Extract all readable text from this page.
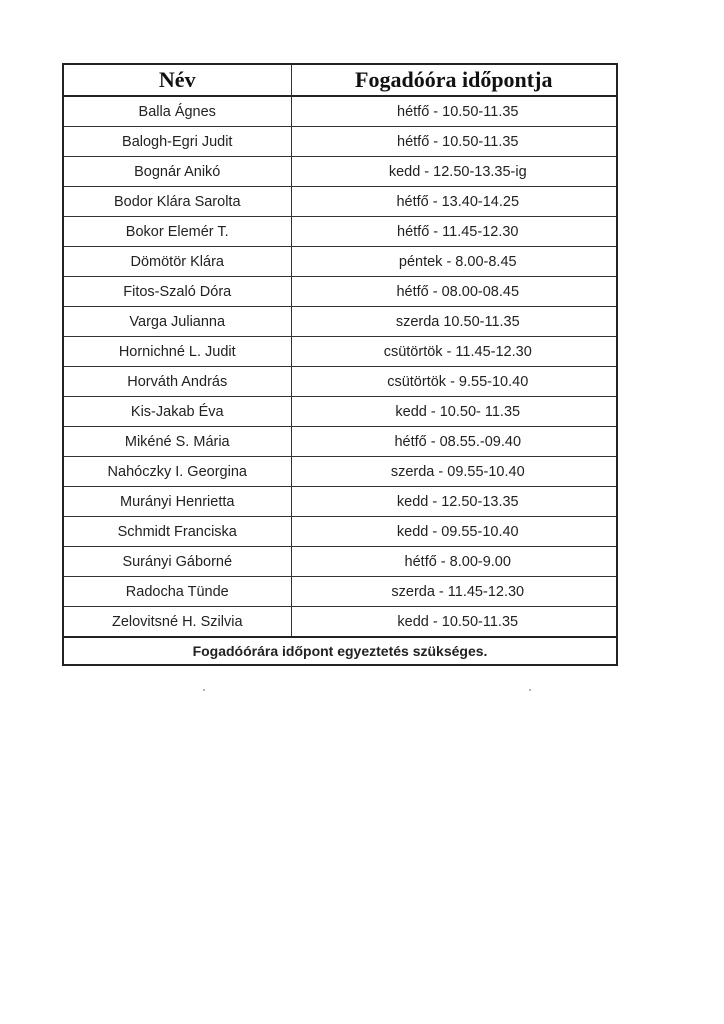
Név	Fogadóóra időpontja
Balla Ágnes	hétfő - 10.50-11.35
Balogh-Egri Judit	hétfő - 10.50-11.35
Bognár Anikó	kedd - 12.50-13.35-ig
Bodor Klára Sarolta	hétfő - 13.40-14.25
Bokor Elemér T.	hétfő - 11.45-12.30
Dömötör Klára	péntek - 8.00-8.45
Fitos-Szaló Dóra	hétfő - 08.00-08.45
Varga Julianna	szerda 10.50-11.35
Hornichné L. Judit	csütörtök - 11.45-12.30
Horváth András	csütörtök - 9.55-10.40
Kis-Jakab Éva	kedd - 10.50- 11.35
Mikéné S. Mária	hétfő - 08.55.-09.40
Nahóczky I. Georgina	szerda - 09.55-10.40
Murányi Henrietta	kedd - 12.50-13.35
Schmidt Franciska	kedd - 09.55-10.40
Surányi Gáborné	hétfő - 8.00-9.00
Radocha Tünde	szerda - 11.45-12.30
Zelovitsné H. Szilvia	kedd - 10.50-11.35
Fogadóórára időpont egyeztetés szükséges.	
